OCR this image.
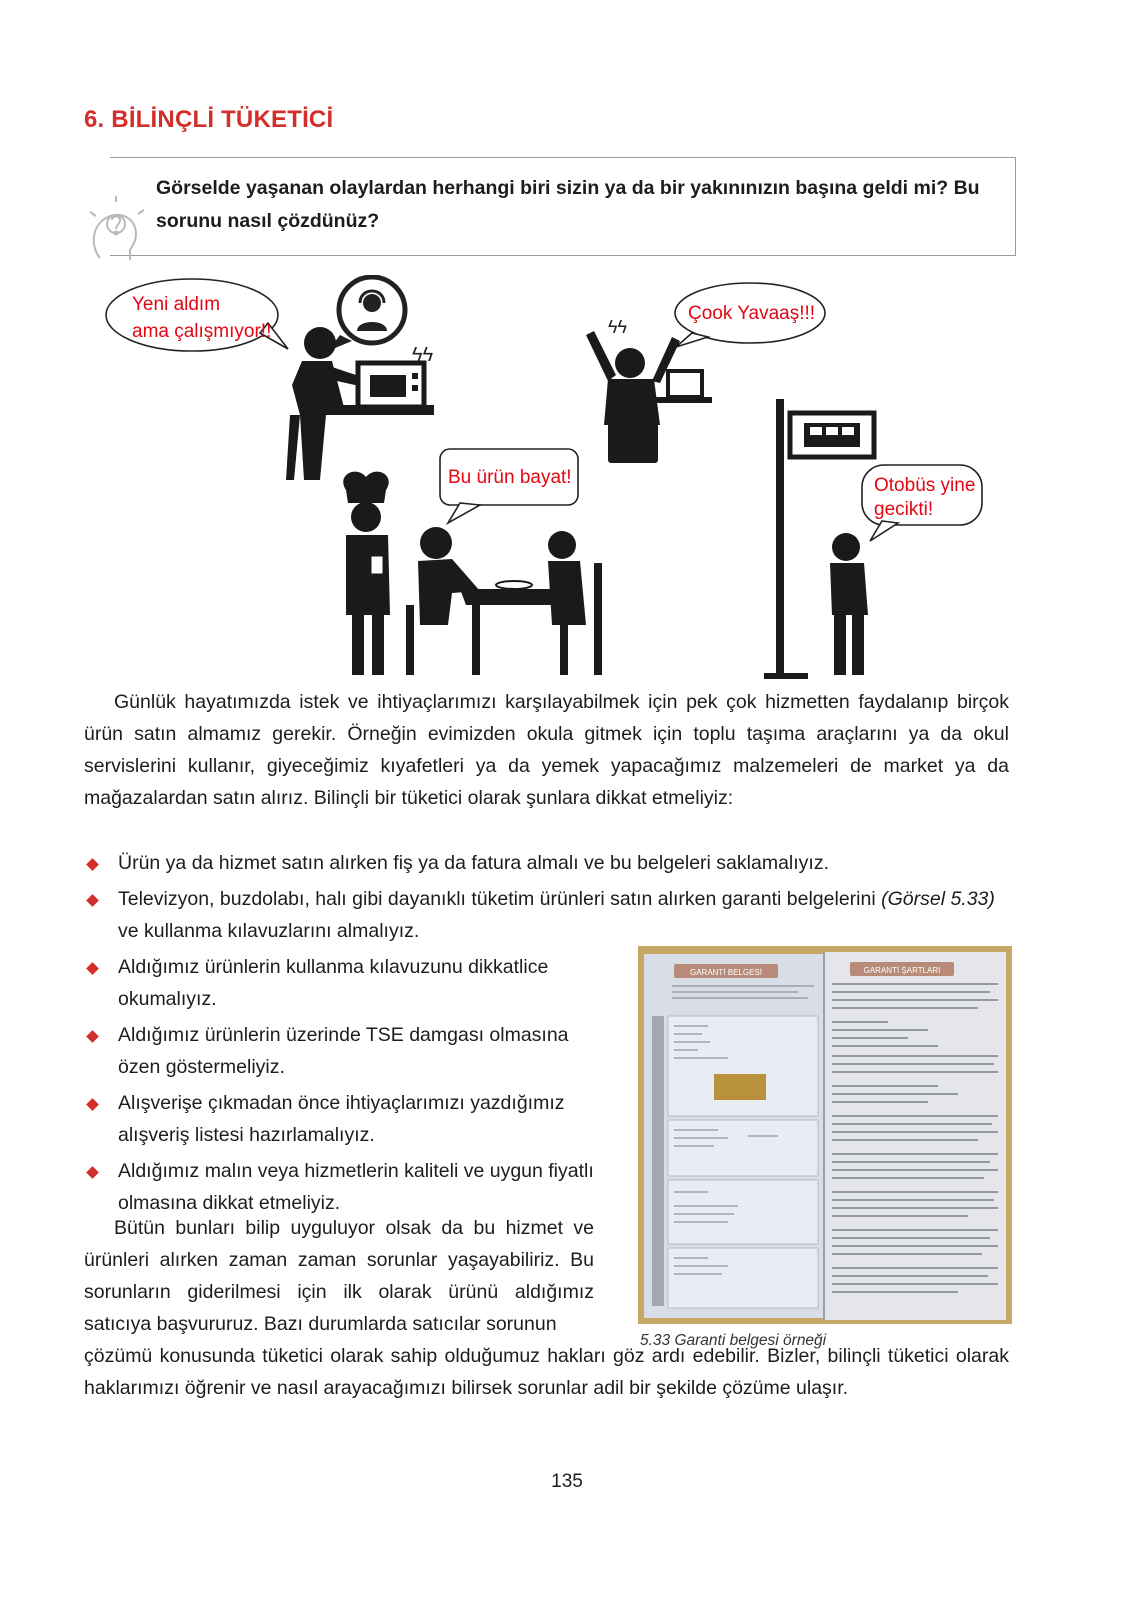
6. BİLİNÇLİ TÜKETİCİ
Görselde yaşanan olaylardan herhangi biri sizin ya da bir yakınınızın başına geldi mi? Bu sorunu nasıl çözdünüz?
Yeni aldım
ama çalışmıyor!!
ϟϟ
Çook Yavaaş!!!
ϟϟ
Bu ürün bayat!	Otobüs yine
gecikti!
Günlük hayatımızda istek ve ihtiyaçlarımızı karşılayabilmek için pek çok hizmetten faydalanıp birçok ürün satın almamız gerekir. Örneğin evimizden okula gitmek için toplu taşıma araçlarını ya da okul servislerini kullanır, giyeceğimiz kıyafetleri ya da yemek yapacağımız malzemeleri de market ya da mağazalardan satın alırız. Bilinçli bir tüketici olarak şunlara dikkat etmeliyiz:
Ürün ya da hizmet satın alırken fiş ya da fatura almalı ve bu belgeleri saklamalıyız.
Televizyon, buzdolabı, halı gibi dayanıklı tüketim ürünleri satın alırken garanti belgelerini (Görsel 5.33) ve kullanma kılavuzlarını almalıyız.
Aldığımız ürünlerin kullanma kılavuzunu dikkatlice okumalıyız.
Aldığımız ürünlerin üzerinde TSE damgası olmasına özen göstermeliyiz.
Alışverişe çıkmadan önce ihtiyaçlarımızı yazdığımız alışveriş listesi hazırlamalıyız.
Aldığımız malın veya hizmetlerin kaliteli ve uygun fiyatlı olmasına dikkat etmeliyiz.
Bütün bunları bilip uyguluyor olsak da bu hizmet ve ürünleri alırken zaman zaman sorunlar yaşayabiliriz. Bu sorunların giderilmesi için ilk olarak ürünü aldığımız satıcıya başvururuz. Bazı durumlarda satıcılar sorunun
çözümü konusunda tüketici olarak sahip olduğumuz hakları göz ardı edebilir. Bizler, bilinçli tüketici olarak haklarımızı öğrenir ve nasıl arayacağımızı bilirsek sorunlar adil bir şekilde çözüme ulaşır.
GARANTİ BELGESİ	GARANTİ ŞARTLARI
5.33 Garanti belgesi örneği
135
